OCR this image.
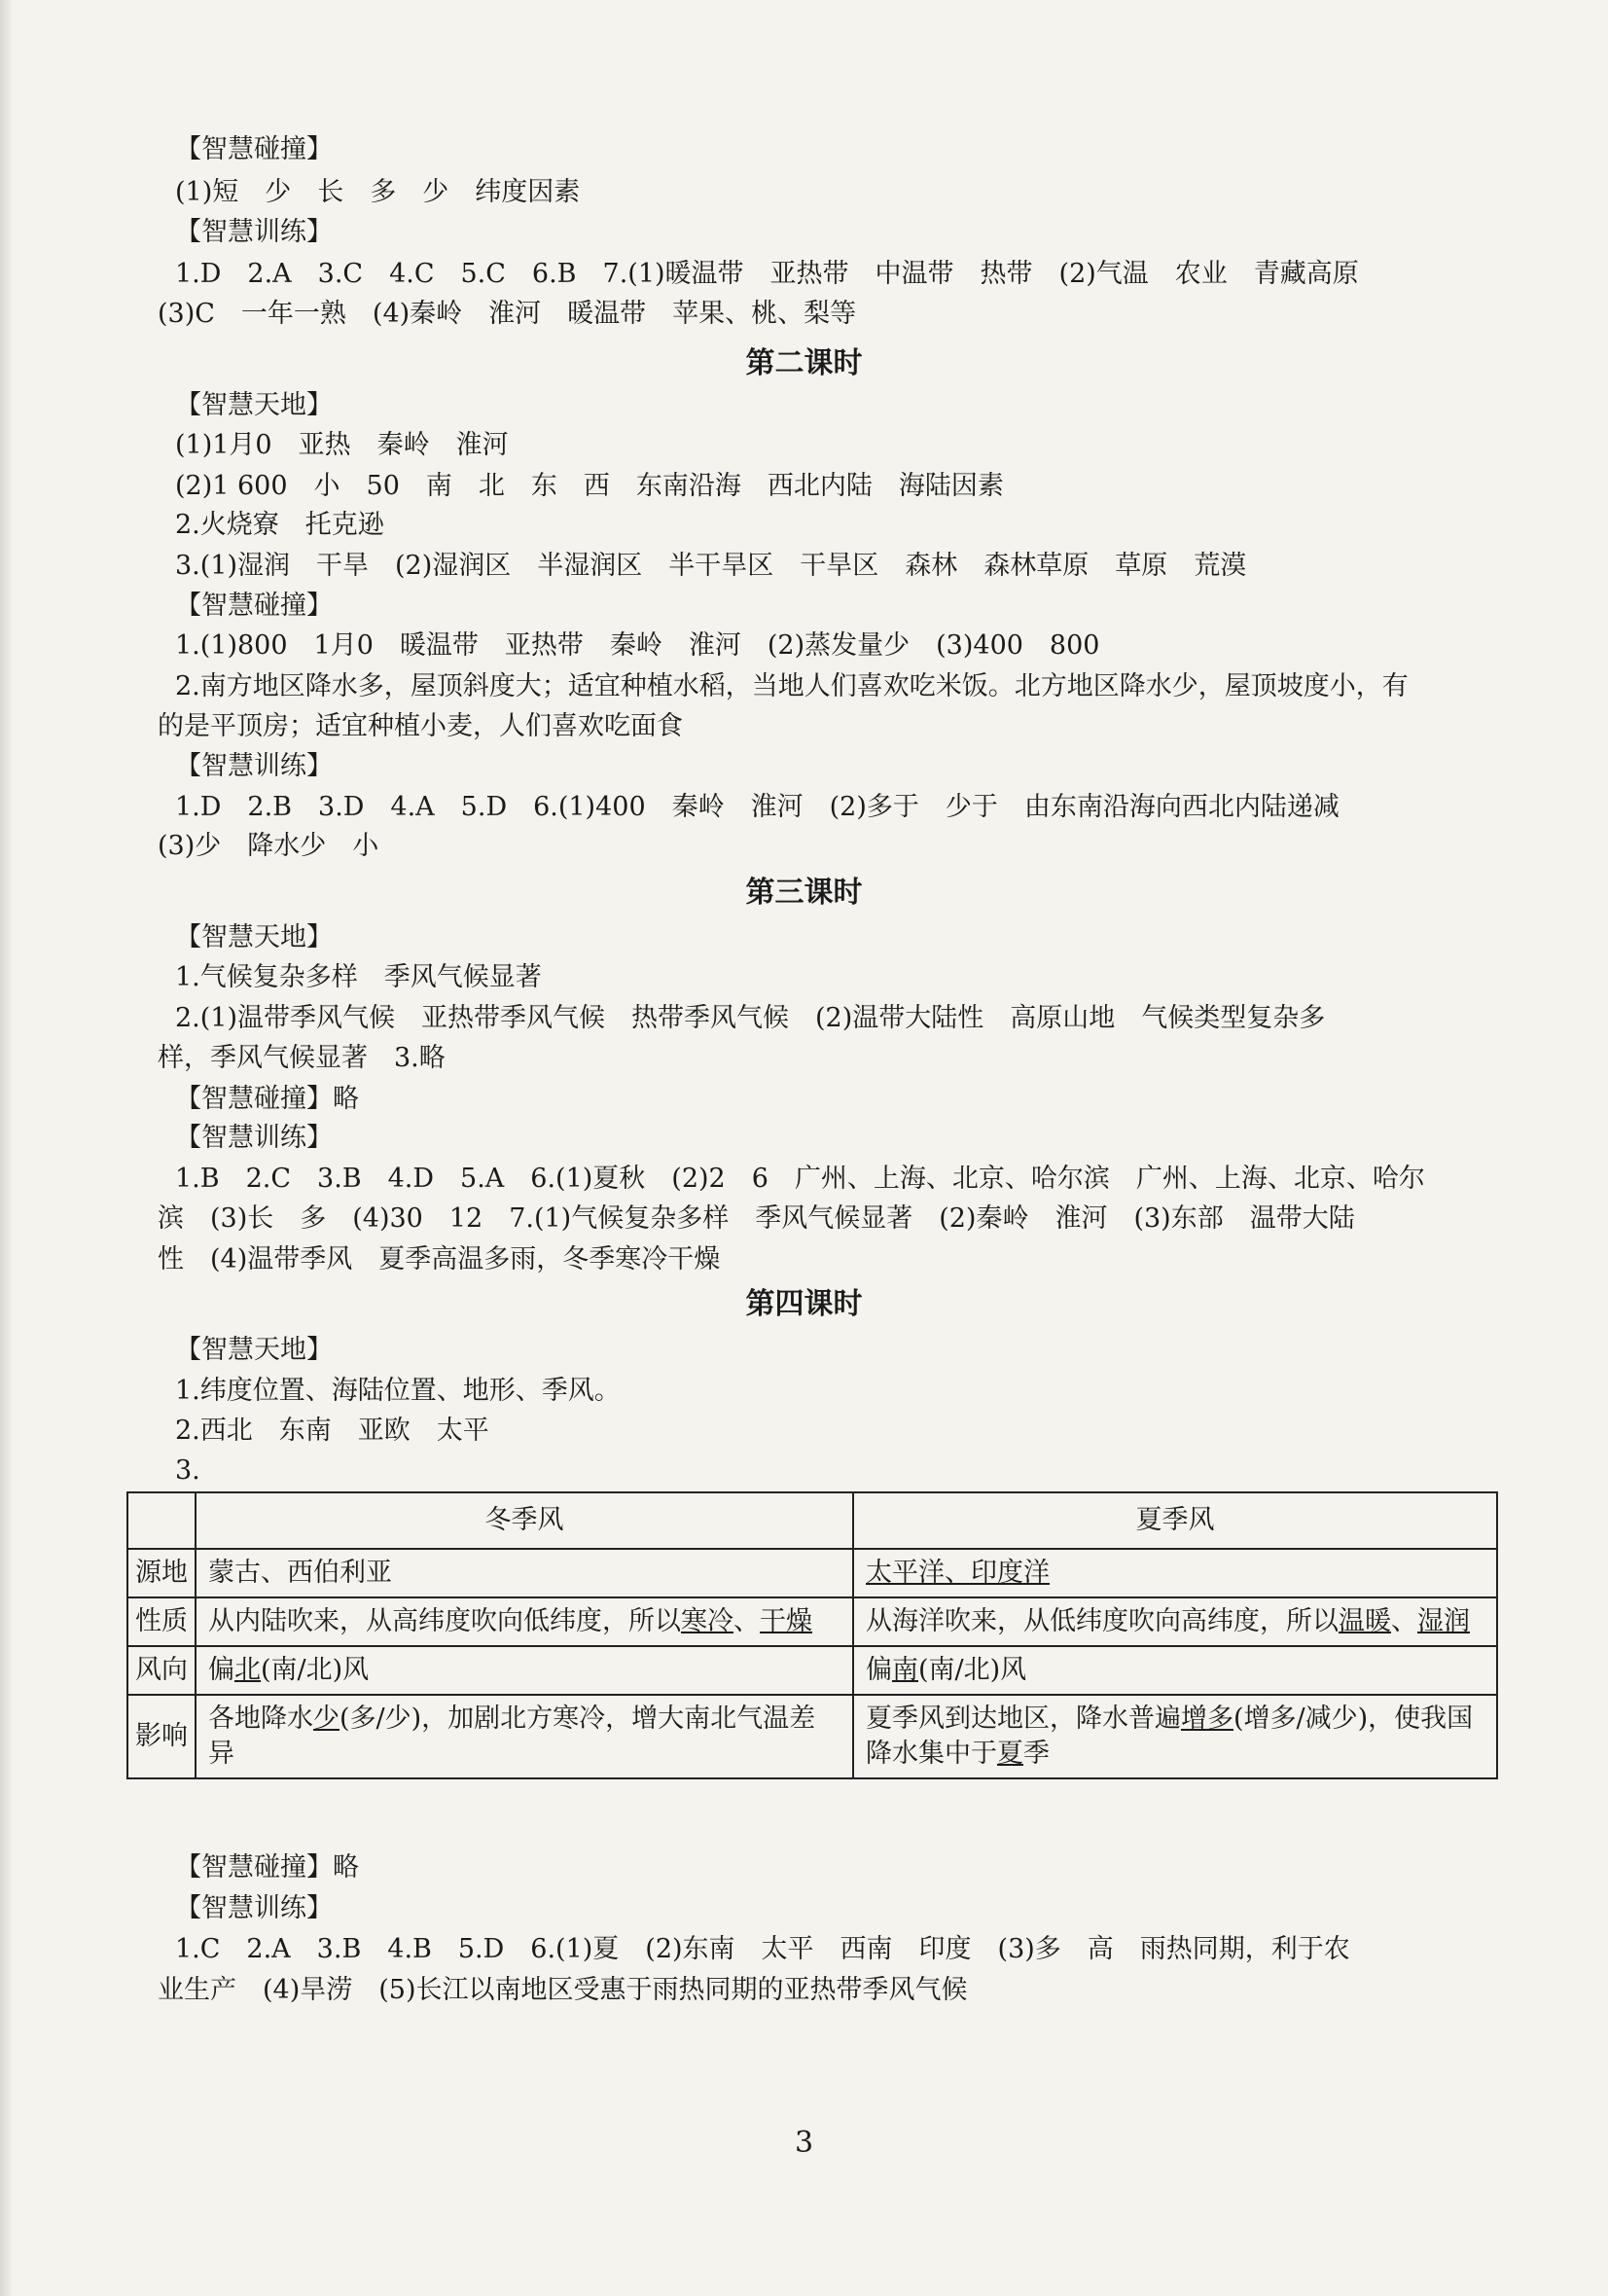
【智慧碰撞】
(1)短　少　长　多　少　纬度因素
【智慧训练】
1.D　2.A　3.C　4.C　5.C　6.B　7.(1)暖温带　亚热带　中温带　热带　(2)气温　农业　青藏高原
(3)C　一年一熟　(4)秦岭　淮河　暖温带　苹果、桃、梨等
第二课时
【智慧天地】
(1)1月0　亚热　秦岭　淮河
(2)1 600　小　50　南　北　东　西　东南沿海　西北内陆　海陆因素
2.火烧寮　托克逊
3.(1)湿润　干旱　(2)湿润区　半湿润区　半干旱区　干旱区　森林　森林草原　草原　荒漠
【智慧碰撞】
1.(1)800　1月0　暖温带　亚热带　秦岭　淮河　(2)蒸发量少　(3)400　800
2.南方地区降水多，屋顶斜度大；适宜种植水稻，当地人们喜欢吃米饭。北方地区降水少，屋顶坡度小，有
的是平顶房；适宜种植小麦，人们喜欢吃面食
【智慧训练】
1.D　2.B　3.D　4.A　5.D　6.(1)400　秦岭　淮河　(2)多于　少于　由东南沿海向西北内陆递减
(3)少　降水少　小
第三课时
【智慧天地】
1.气候复杂多样　季风气候显著
2.(1)温带季风气候　亚热带季风气候　热带季风气候　(2)温带大陆性　高原山地　气候类型复杂多
样，季风气候显著　3.略
【智慧碰撞】略
【智慧训练】
1.B　2.C　3.B　4.D　5.A　6.(1)夏秋　(2)2　6　广州、上海、北京、哈尔滨　广州、上海、北京、哈尔
滨　(3)长　多　(4)30　12　7.(1)气候复杂多样　季风气候显著　(2)秦岭　淮河　(3)东部　温带大陆
性　(4)温带季风　夏季高温多雨，冬季寒冷干燥
第四课时
【智慧天地】
1.纬度位置、海陆位置、地形、季风。
2.西北　东南　亚欧　太平
3.
	冬季风	夏季风
源地	蒙古、西伯利亚	太平洋、印度洋
性质	从内陆吹来，从高纬度吹向低纬度，所以寒冷、干燥	从海洋吹来，从低纬度吹向高纬度，所以温暖、湿润
风向	偏北(南/北)风	偏南(南/北)风
影响	各地降水少(多/少)，加剧北方寒冷，增大南北气温差异	夏季风到达地区，降水普遍增多(增多/减少)，使我国降水集中于夏季
【智慧碰撞】略
【智慧训练】
1.C　2.A　3.B　4.B　5.D　6.(1)夏　(2)东南　太平　西南　印度　(3)多　高　雨热同期，利于农
业生产　(4)旱涝　(5)长江以南地区受惠于雨热同期的亚热带季风气候
3
